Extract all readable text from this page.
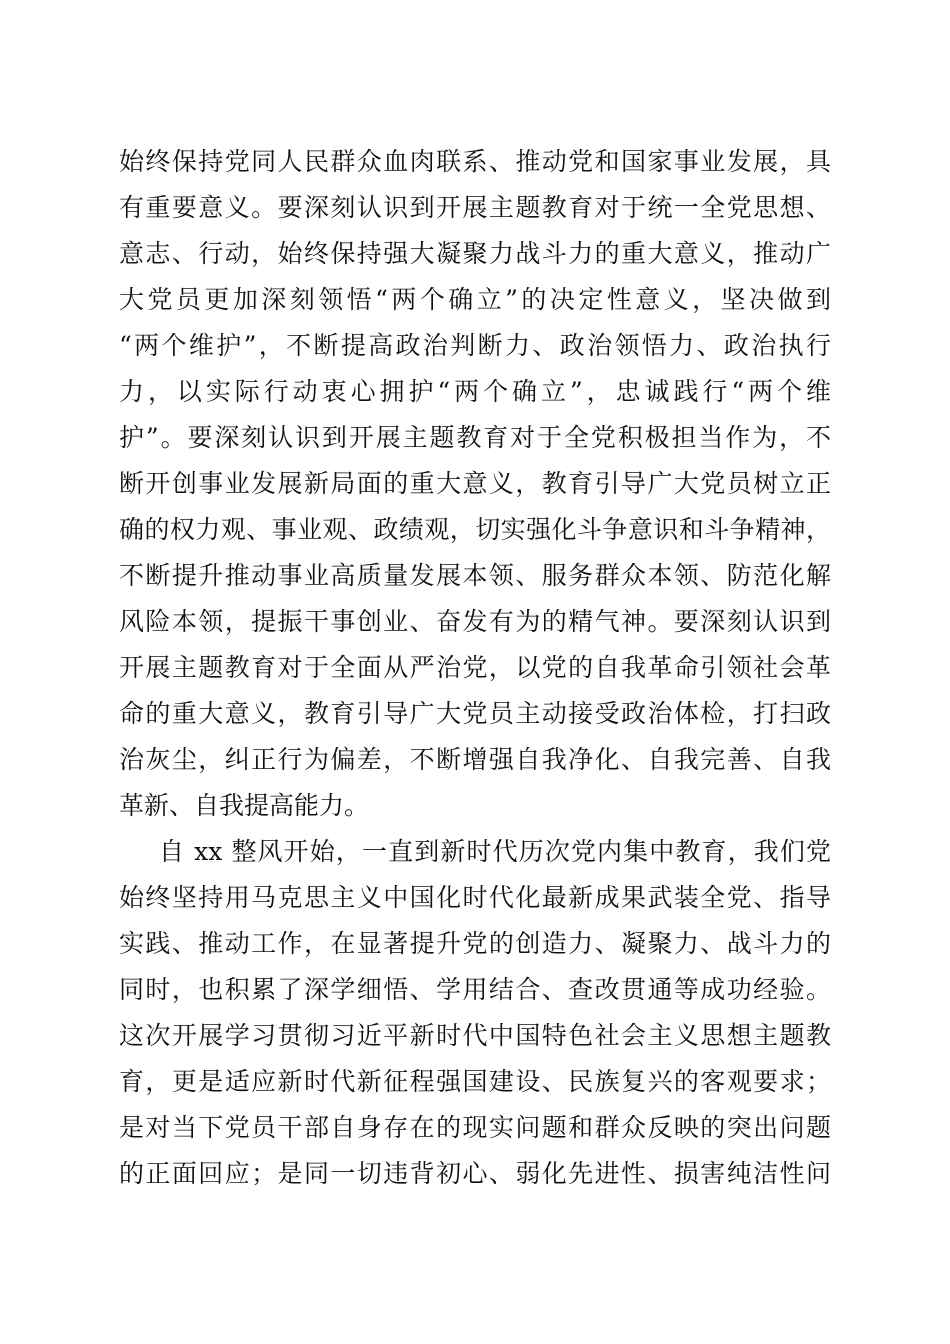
始终保持党同人民群众血肉联系、推动党和国家事业发展，具
有重要意义。要深刻认识到开展主题教育对于统一全党思想、
意志、行动，始终保持强大凝聚力战斗力的重大意义，推动广
大党员更加深刻领悟“两个确立”的决定性意义，坚决做到
“两个维护”，不断提高政治判断力、政治领悟力、政治执行
力，以实际行动衷心拥护“两个确立”，忠诚践行“两个维
护”。要深刻认识到开展主题教育对于全党积极担当作为，不
断开创事业发展新局面的重大意义，教育引导广大党员树立正
确的权力观、事业观、政绩观，切实强化斗争意识和斗争精神，
不断提升推动事业高质量发展本领、服务群众本领、防范化解
风险本领，提振干事创业、奋发有为的精气神。要深刻认识到
开展主题教育对于全面从严治党，以党的自我革命引领社会革
命的重大意义，教育引导广大党员主动接受政治体检，打扫政
治灰尘，纠正行为偏差，不断增强自我净化、自我完善、自我
革新、自我提高能力。
自 xx 整风开始，一直到新时代历次党内集中教育，我们党
始终坚持用马克思主义中国化时代化最新成果武装全党、指导
实践、推动工作，在显著提升党的创造力、凝聚力、战斗力的
同时，也积累了深学细悟、学用结合、查改贯通等成功经验。
这次开展学习贯彻习近平新时代中国特色社会主义思想主题教
育，更是适应新时代新征程强国建设、民族复兴的客观要求；
是对当下党员干部自身存在的现实问题和群众反映的突出问题
的正面回应；是同一切违背初心、弱化先进性、损害纯洁性问
